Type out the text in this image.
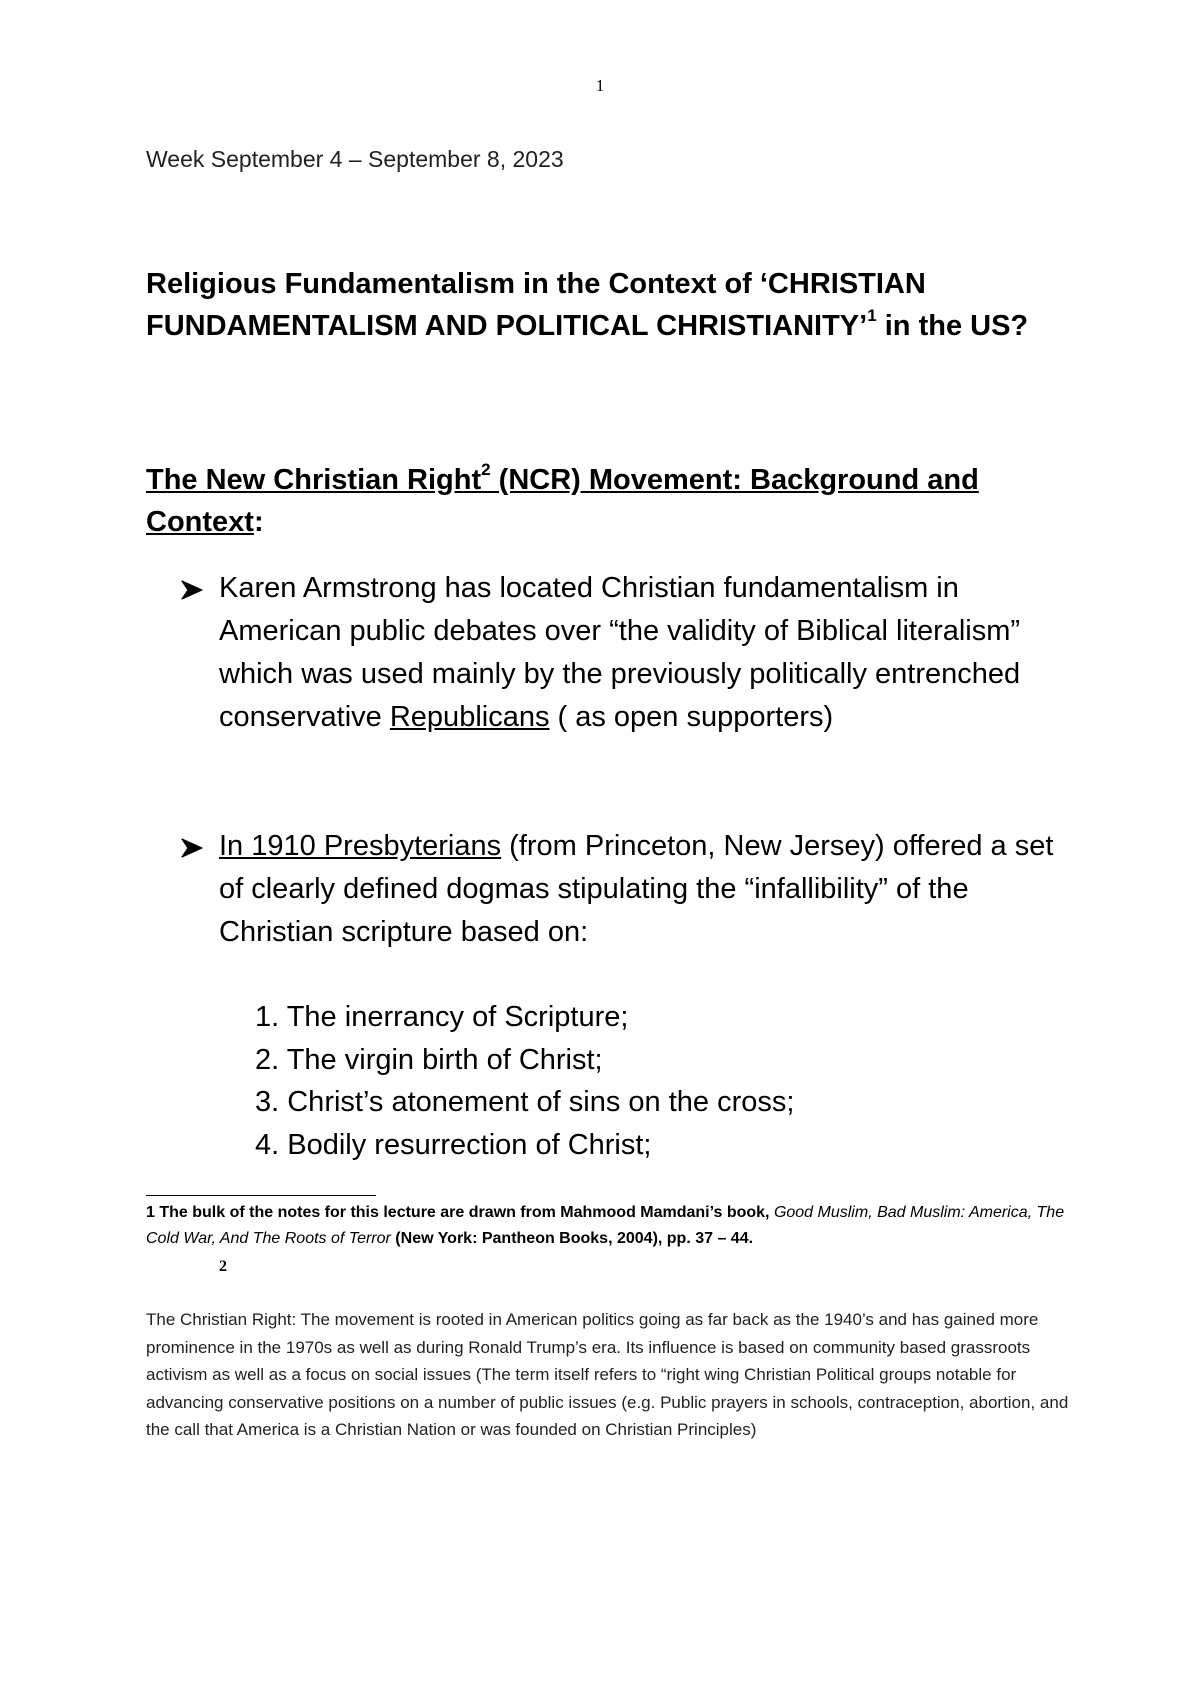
1
Week September 4 – September 8, 2023
Religious Fundamentalism in the Context of ‘CHRISTIAN FUNDAMENTALISM AND POLITICAL CHRISTIANITY’$^1$ in the US?
The New Christian Right$^2$ (NCR) Movement: Background and Context:
Karen Armstrong has located Christian fundamentalism in American public debates over “the validity of Biblical literalism” which was used mainly by the previously politically entrenched conservative Republicans ( as open supporters)
In 1910 Presbyterians (from Princeton, New Jersey) offered a set of clearly defined dogmas stipulating the “infallibility” of the Christian scripture based on:
1. The inerrancy of Scripture;
2. The virgin birth of Christ;
3. Christ’s atonement of sins on the cross;
4. Bodily resurrection of Christ;
1 The bulk of the notes for this lecture are drawn from Mahmood Mamdani’s book, Good Muslim, Bad Muslim: America, The Cold War, And The Roots of Terror (New York: Pantheon Books, 2004), pp. 37 – 44.
2
The Christian Right: The movement is rooted in American politics going as far back as the 1940’s and has gained more prominence in the 1970s as well as during Ronald Trump’s era. Its influence is based on community based grassroots activism as well as a focus on social issues (The term itself refers to “right wing Christian Political groups notable for advancing conservative positions on a number of public issues (e.g. Public prayers in schools, contraception, abortion, and the call that America is a Christian Nation or was founded on Christian Principles)
